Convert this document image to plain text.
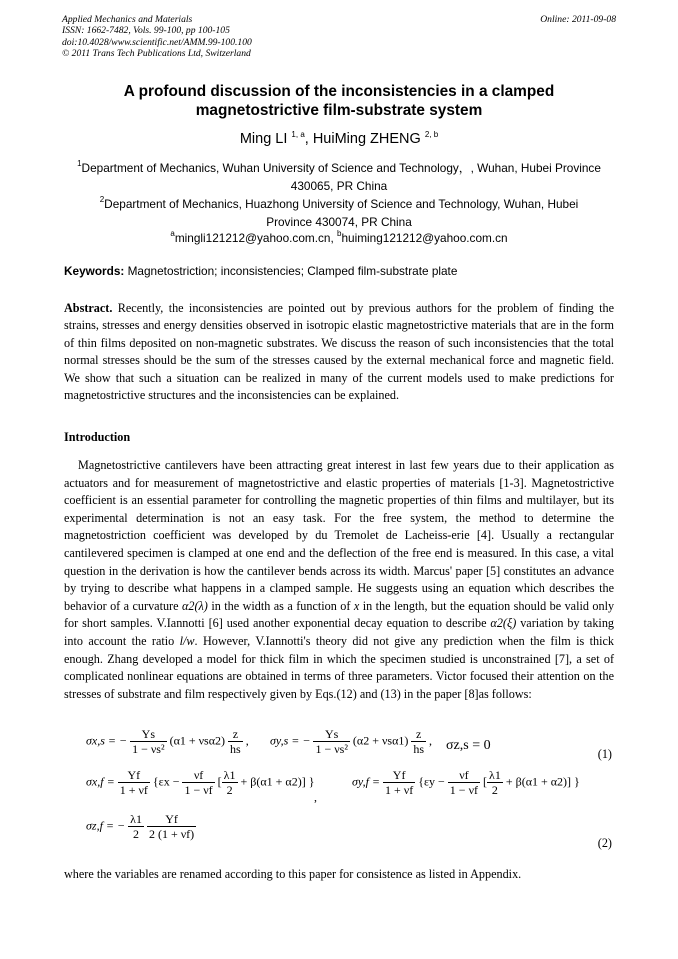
Applied Mechanics and Materials
ISSN: 1662-7482, Vols. 99-100, pp 100-105
doi:10.4028/www.scientific.net/AMM.99-100.100
© 2011 Trans Tech Publications Ltd, Switzerland
Online: 2011-09-08
A profound discussion of the inconsistencies in a clamped magnetostrictive film-substrate system
Ming LI $^{1, a}$, HuiMing ZHENG $^{2, b}$
$^1$Department of Mechanics, Wuhan University of Science and Technology，, Wuhan, Hubei Province 430065, PR China
$^2$Department of Mechanics, Huazhong University of Science and Technology, Wuhan, Hubei Province 430074, PR China
$^a$mingli121212@yahoo.com.cn, $^b$huiming121212@yahoo.com.cn
Keywords: Magnetostriction; inconsistencies; Clamped film-substrate plate
Abstract. Recently, the inconsistencies are pointed out by previous authors for the problem of finding the strains, stresses and energy densities observed in isotropic elastic magnetostrictive materials that are in the form of thin films deposited on non-magnetic substrates. We discuss the reason of such inconsistencies that the total normal stresses should be the sum of the stresses caused by the external mechanical force and magnetic field. We show that such a situation can be realized in many of the current models used to make predictions for magnetostrictive structures and the inconsistencies can be explained.
Introduction
Magnetostrictive cantilevers have been attracting great interest in last few years due to their application as actuators and for measurement of magnetostrictive and elastic properties of materials [1-3]. Magnetostrictive coefficient is an essential parameter for controlling the magnetic properties of thin films and multilayer, but its experimental determination is not an easy task. For the free system, the method to determine the magnetostriction coefficient was developed by du Tremolet de Lacheiss-erie [4]. Usually a rectangular cantilevered specimen is clamped at one end and the deflection of the free end is measured. In this case, a vital question in the derivation is how the cantilever bends across its width. Marcus' paper [5] constitutes an advance by trying to describe what happens in a clamped sample. He suggests using an equation which describes the behavior of a curvature α2(λ) in the width as a function of x in the length, but the equation should be valid only for short samples. V.Iannotti [6] used another exponential decay equation to describe α2(ξ) variation by taking into account the ratio l/w. However, V.Iannotti's theory did not give any prediction when the film is thick enough. Zhang developed a model for thick film in which the specimen studied is unconstrained [7], a set of complicated nonlinear equations are obtained in terms of three parameters. Victor focused their attention on the stresses of substrate and film respectively given by Eqs.(12) and (13) in the paper [8]as follows:
σx,s = − $\frac{Ys}{\text{1 − νs²}} (\alpha 1 + \nu s\alpha 2) \frac{z}{hs}$ , σy,s = − $\frac{Ys}{\text{1 − νs²}} (\alpha 2 + \nu s\alpha 1) \frac{z}{hs}$ , σz,s = 0
(1)
$\sigma x,f = \frac{Yf}{1 + \nu f} \{\varepsilon x - \frac{\nu f}{1 - \nu f}$ [ $\frac{\lambda 1}{2} + \beta(\alpha 1 + \alpha 2)$] }
,
$\sigma y,f = \frac{Yf}{1 + \nu f} \{\varepsilon y - \frac{\nu f}{1 - \nu f}$ [ $\frac{\lambda 1}{2} + \beta(\alpha 1 + \alpha 2)$] }
σz,f = − $\frac{\lambda 1}{2}$
$\frac{Yf}{2 (1 + \nu f)}$
(2)
where the variables are renamed according to this paper for consistence as listed in Appendix.
